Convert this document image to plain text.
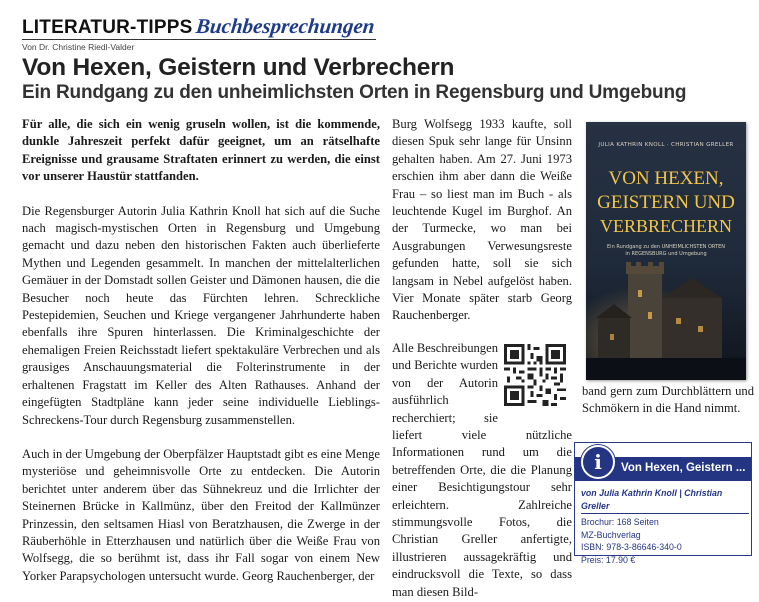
LITERATUR-TIPPS Buchbesprechungen
Von Dr. Christine Riedl-Valder
Von Hexen, Geistern und Verbrechern
Ein Rundgang zu den unheimlichsten Orten in Regensburg und Umgebung

Für alle, die sich ein wenig gruseln wollen, ist die kommende, dunkle Jahreszeit perfekt dafür geeignet, um an rätselhafte Ereignisse und grausame Straftaten erinnert zu werden, die einst vor unserer Haustür stattfanden.

Die Regensburger Autorin Julia Kathrin Knoll hat sich auf die Suche nach magisch-mystischen Orten in Regensburg und Umgebung gemacht und dazu neben den historischen Fakten auch überlieferte Mythen und Legenden gesammelt. In manchen der mittelalterlichen Gemäuer in der Domstadt sollen Geister und Dämonen hausen, die die Besucher noch heute das Fürchten lehren. Schreckliche Pestepidemien, Seuchen und Kriege vergangener Jahrhunderte haben ebenfalls ihre Spuren hinterlassen. Die Kriminalgeschichte der ehemaligen Freien Reichsstadt liefert spektakuläre Verbrechen und als grausiges Anschauungsmaterial die Folterinstrumente in der erhaltenen Fragstatt im Keller des Alten Rathauses. Anhand der eingefügten Stadtpläne kann jeder seine individuelle Lieblings-Schreckens-Tour durch Regensburg zusammenstellen.

Auch in der Umgebung der Oberpfälzer Hauptstadt gibt es eine Menge mysteriöse und geheimnisvolle Orte zu entdecken. Die Autorin berichtet unter anderem über das Sühnekreuz und die Irrlichter der Steinernen Brücke in Kallmünz, über den Freitod der Kallmünzer Prinzessin, den seltsamen Hiasl von Beratzhausen, die Zwerge in der Räuberhöhle in Etterzhausen und natürlich über die Weiße Frau von Wolfsegg, die so berühmt ist, dass ihr Fall sogar von einem New Yorker Parapsychologen untersucht wurde. Georg Rauchenberger, der

Burg Wolfsegg 1933 kaufte, soll diesen Spuk sehr lange für Unsinn gehalten haben. Am 27. Juni 1973 erschien ihm aber dann die Weiße Frau – so liest man im Buch - als leuchtende Kugel im Burghof. An der Turmecke, wo man bei Ausgrabungen Verwesungsreste gefunden hatte, soll sie sich langsam in Nebel aufgelöst haben. Vier Monate später starb Georg Rauchenberger.

Alle Beschreibungen und Berichte wurden von der Autorin ausführlich recherchiert; sie liefert viele nützliche Informationen rund um die betreffenden Orte, die die Planung einer Besichtigungstour sehr erleichtern. Zahlreiche stimmungsvolle Fotos, die Christian Greller anfertigte, illustrieren aussagekräftig und eindrucksvoll die Texte, so dass man diesen Bild-
JULIA KATHRIN KNOLL · CHRISTIAN GRELLER
VON HEXEN,
GEISTERN UND
VERBRECHERN
Ein Rundgang zu den UNHEIMLICHSTEN ORTEN
in REGENSBURG und Umgebung

band gern zum Durchblättern und Schmökern in die Hand nimmt.

i Von Hexen, Geistern ...
von Julia Kathrin Knoll | Christian Greller
Brochur: 168 Seiten
MZ-Buchverlag
ISBN: 978-3-86646-340-0
Preis: 17.90 €
